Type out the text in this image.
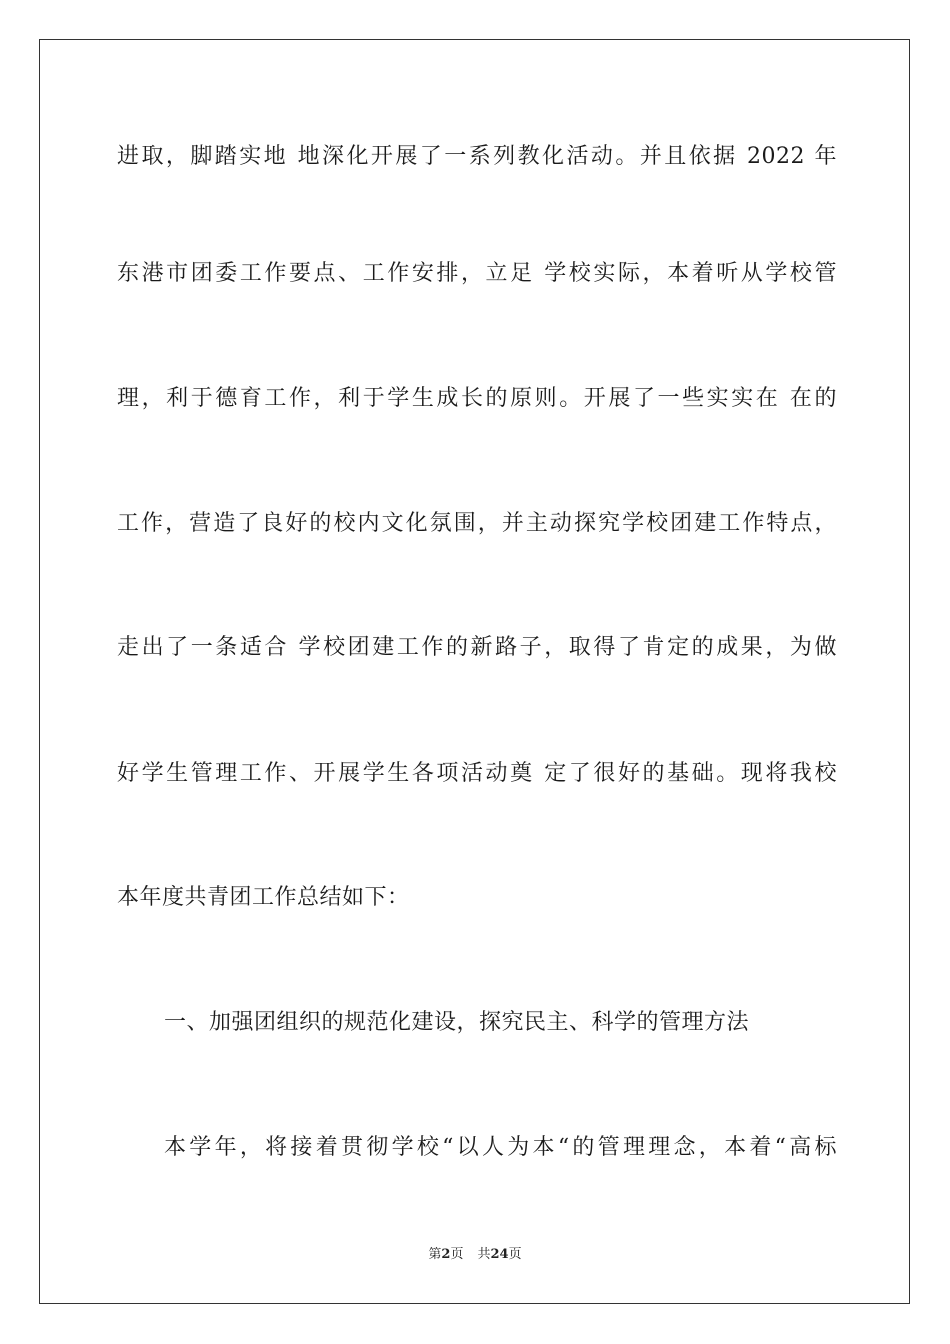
进取，脚踏实地 地深化开展了一系列教化活动。并且依据 2022 年
东港市团委工作要点、工作安排，立足 学校实际，本着听从学校管
理，利于德育工作，利于学生成长的原则。开展了一些实实在 在的
工作，营造了良好的校内文化氛围，并主动探究学校团建工作特点，
走出了一条适合 学校团建工作的新路子，取得了肯定的成果，为做
好学生管理工作、开展学生各项活动奠 定了很好的基础。现将我校
本年度共青团工作总结如下：
一、加强团组织的规范化建设，探究民主、科学的管理方法
本学年，将接着贯彻学校“以人为本“的管理理念，本着“高标
第2页 共24页
